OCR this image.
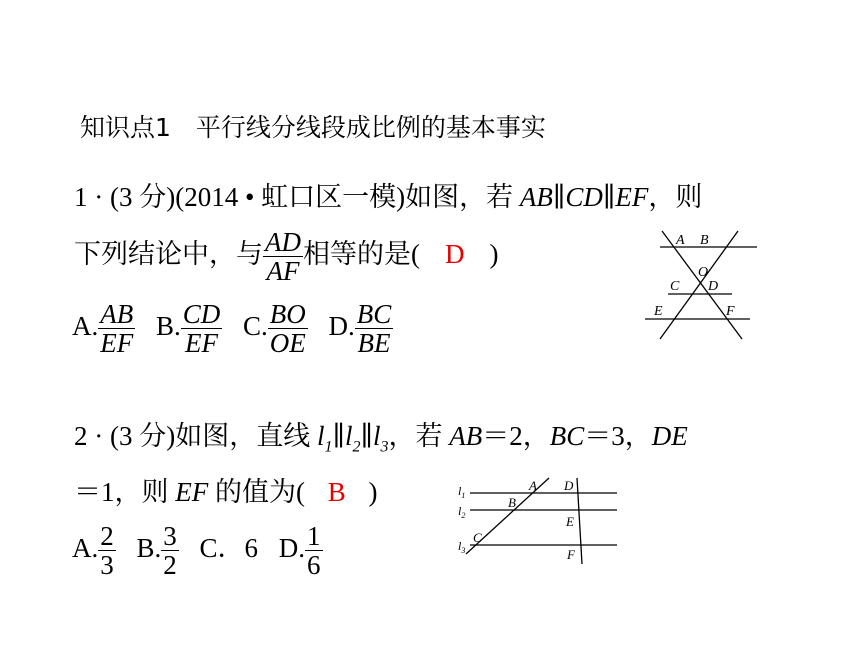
知识点1　平行线分线段成比例的基本事实
1 · (3 分)(2014 • 虹口区一模)如图，若 AB∥CD∥EF，则
下列结论中，与 $\frac{AD}{AF}$ 相等的是( D )
A. $\frac{AB}{EF} B$. $\frac{CD}{EF} C$. $\frac{BO}{OE} D$. $\frac{BC}{BE}$
A B
O
C D
E	F
2 · (3 分)如图，直线 $l_1\parallel l_2\parallel l_3$，若 AB＝2，BC＝3，DE
＝1，则 EF 的值为( B )
A. $\frac{2}{3} B$. $\frac{3}{2}$ C．6 D. $\frac{1}{6}$
$l_1$
$l_2$
$l_3$
A
B
C
D
E
F
